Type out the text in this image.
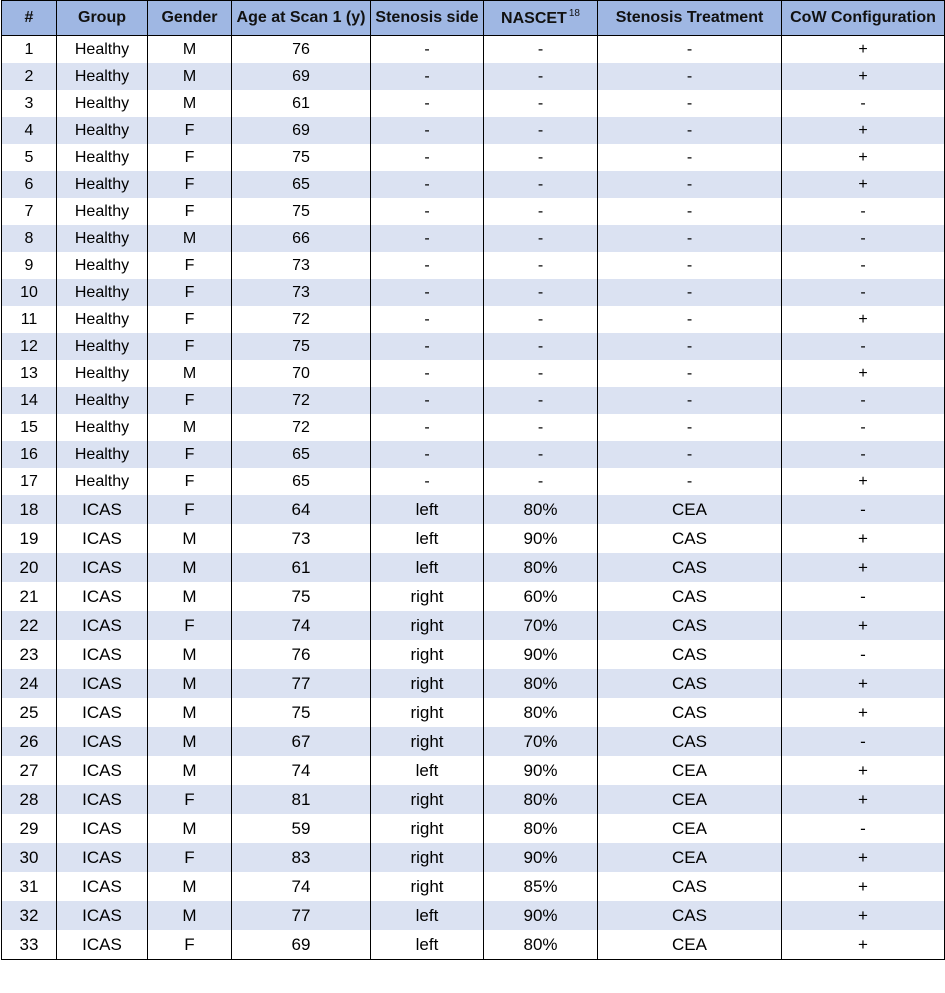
#	Group	Gender	Age at Scan 1 (y)	Stenosis side	NASCET $^{18}$	Stenosis Treatment	CoW Configuration
1	Healthy	M	76	-	-	-	+
2	Healthy	M	69	-	-	-	+
3	Healthy	M	61	-	-	-	-
4	Healthy	F	69	-	-	-	+
5	Healthy	F	75	-	-	-	+
6	Healthy	F	65	-	-	-	+
7	Healthy	F	75	-	-	-	-
8	Healthy	M	66	-	-	-	-
9	Healthy	F	73	-	-	-	-
10	Healthy	F	73	-	-	-	-
11	Healthy	F	72	-	-	-	+
12	Healthy	F	75	-	-	-	-
13	Healthy	M	70	-	-	-	+
14	Healthy	F	72	-	-	-	-
15	Healthy	M	72	-	-	-	-
16	Healthy	F	65	-	-	-	-
17	Healthy	F	65	-	-	-	+
18	ICAS	F	64	left	80%	CEA	-
19	ICAS	M	73	left	90%	CAS	+
20	ICAS	M	61	left	80%	CAS	+
21	ICAS	M	75	right	60%	CAS	-
22	ICAS	F	74	right	70%	CAS	+
23	ICAS	M	76	right	90%	CAS	-
24	ICAS	M	77	right	80%	CAS	+
25	ICAS	M	75	right	80%	CAS	+
26	ICAS	M	67	right	70%	CAS	-
27	ICAS	M	74	left	90%	CEA	+
28	ICAS	F	81	right	80%	CEA	+
29	ICAS	M	59	right	80%	CEA	-
30	ICAS	F	83	right	90%	CEA	+
31	ICAS	M	74	right	85%	CAS	+
32	ICAS	M	77	left	90%	CAS	+
33	ICAS	F	69	left	80%	CEA	+
